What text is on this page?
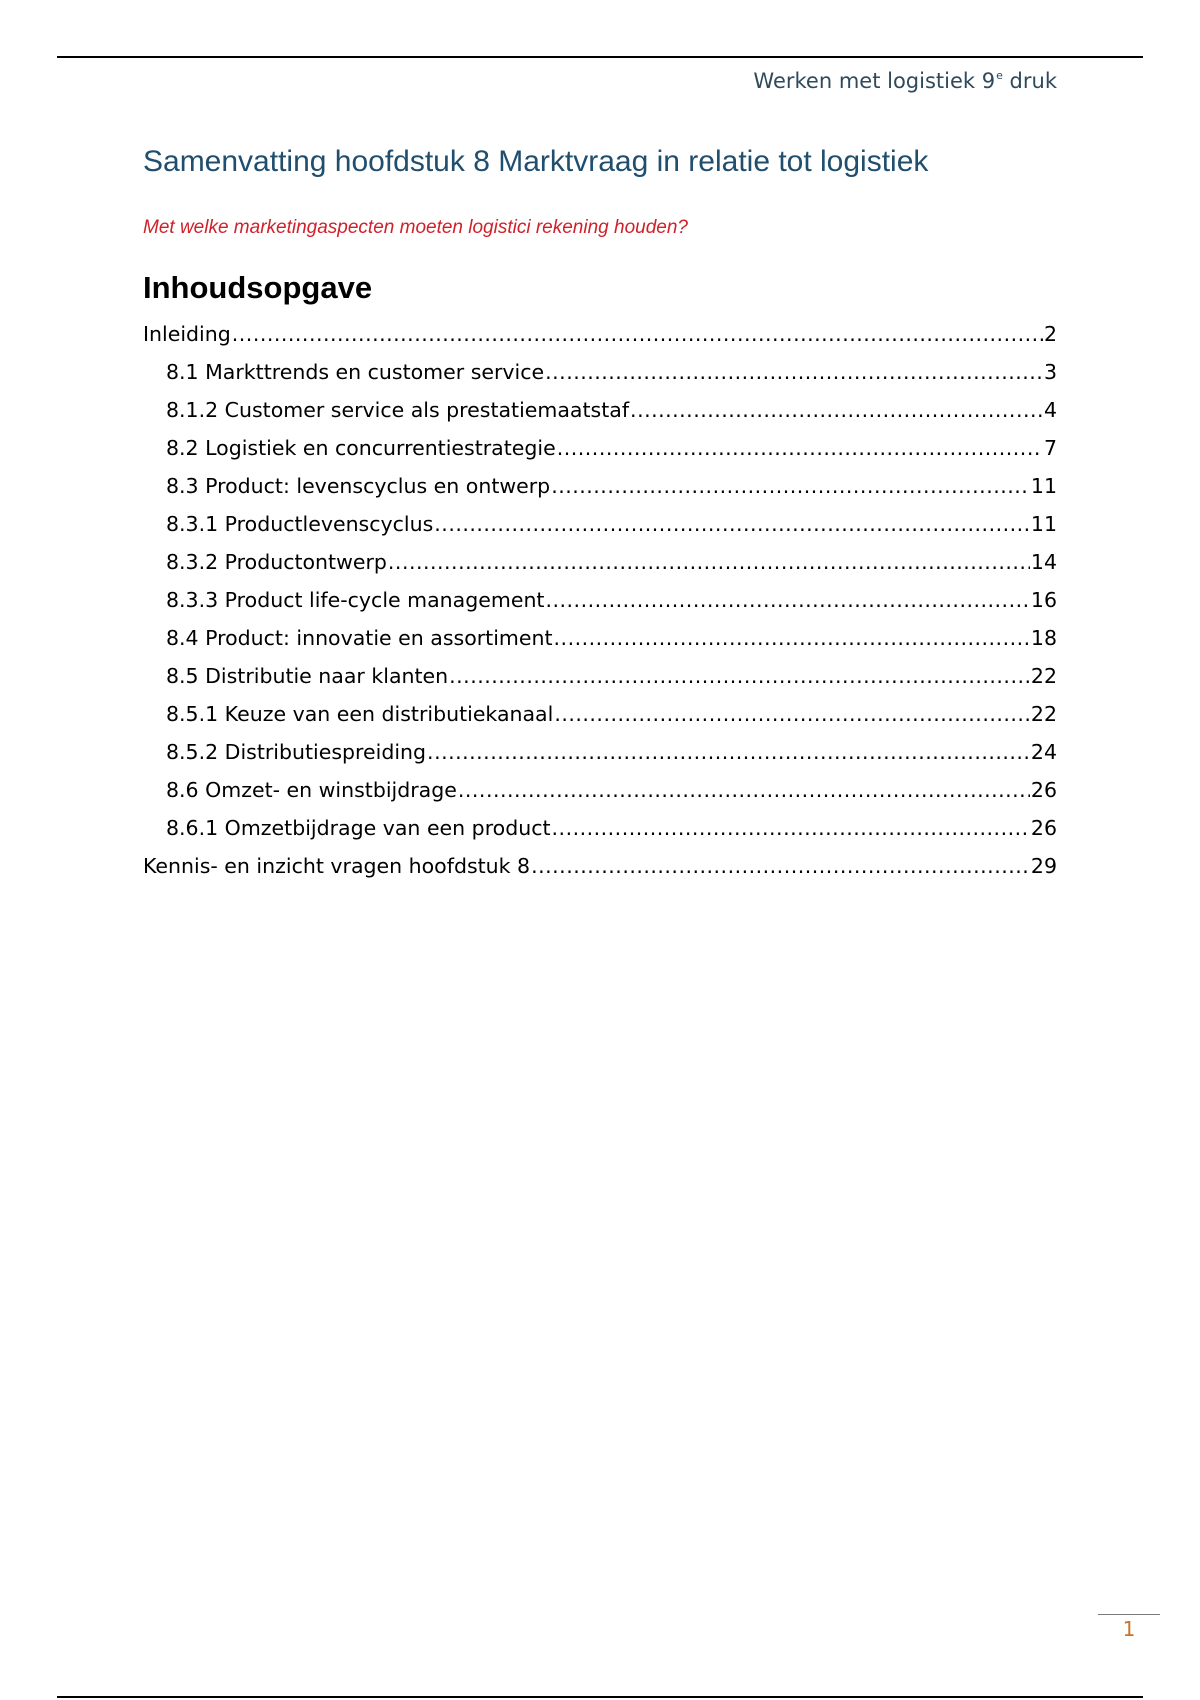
Werken met logistiek 9e druk
Samenvatting hoofdstuk 8 Marktvraag in relatie tot logistiek

Met welke marketingaspecten moeten logistici rekening houden?

Inhoudsopgave
Inleiding .....	2
8.1 Markttrends en customer service .....	3
8.1.2 Customer service als prestatiemaatstaf .....	4
8.2 Logistiek en concurrentiestrategie .....	7
8.3 Product: levenscyclus en ontwerp .....	11
8.3.1 Productlevenscyclus .....	11
8.3.2 Productontwerp .....	14
8.3.3 Product life-cycle management .....	16
8.4 Product: innovatie en assortiment .....	18
8.5 Distributie naar klanten .....	22
8.5.1 Keuze van een distributiekanaal .....	22
8.5.2 Distributiespreiding .....	24
8.6 Omzet- en winstbijdrage .....	26
8.6.1 Omzetbijdrage van een product .....	26
Kennis- en inzicht vragen hoofdstuk 8 .....	29
1
